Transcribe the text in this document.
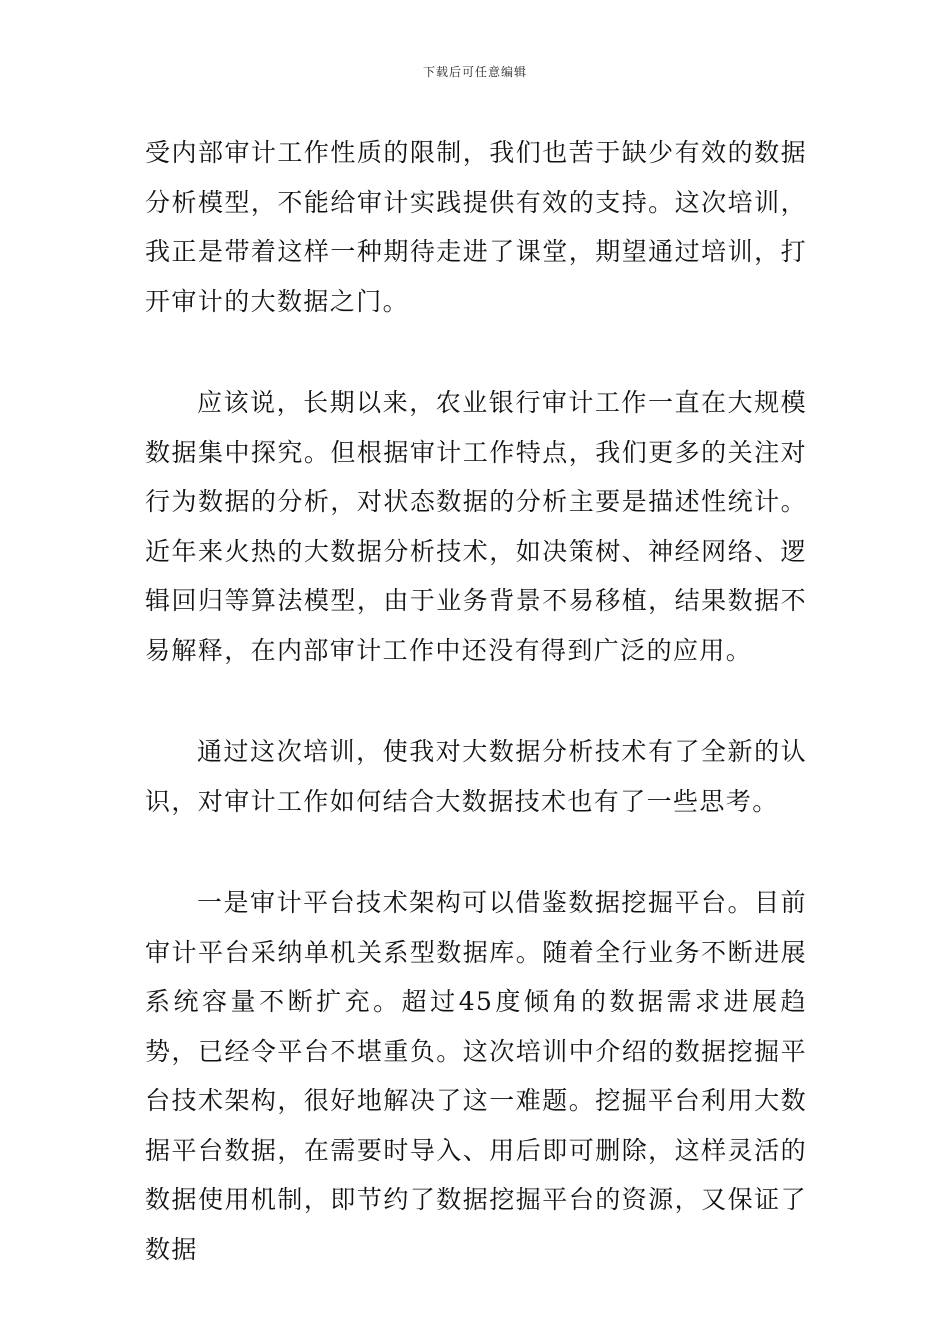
下载后可任意编辑

受内部审计工作性质的限制，我们也苦于缺少有效的数据分析模型，不能给审计实践提供有效的支持。这次培训，我正是带着这样一种期待走进了课堂，期望通过培训，打开审计的大数据之门。

应该说，长期以来，农业银行审计工作一直在大规模数据集中探究。但根据审计工作特点，我们更多的关注对行为数据的分析，对状态数据的分析主要是描述性统计。近年来火热的大数据分析技术，如决策树、神经网络、逻辑回归等算法模型，由于业务背景不易移植，结果数据不易解释，在内部审计工作中还没有得到广泛的应用。

通过这次培训，使我对大数据分析技术有了全新的认识，对审计工作如何结合大数据技术也有了一些思考。

一是审计平台技术架构可以借鉴数据挖掘平台。目前审计平台采纳单机关系型数据库。随着全行业务不断进展系统容量不断扩充。超过45度倾角的数据需求进展趋势，已经令平台不堪重负。这次培训中介绍的数据挖掘平台技术架构，很好地解决了这一难题。挖掘平台利用大数据平台数据，在需要时导入、用后即可删除，这样灵活的数据使用机制，即节约了数据挖掘平台的资源，又保证了数据
